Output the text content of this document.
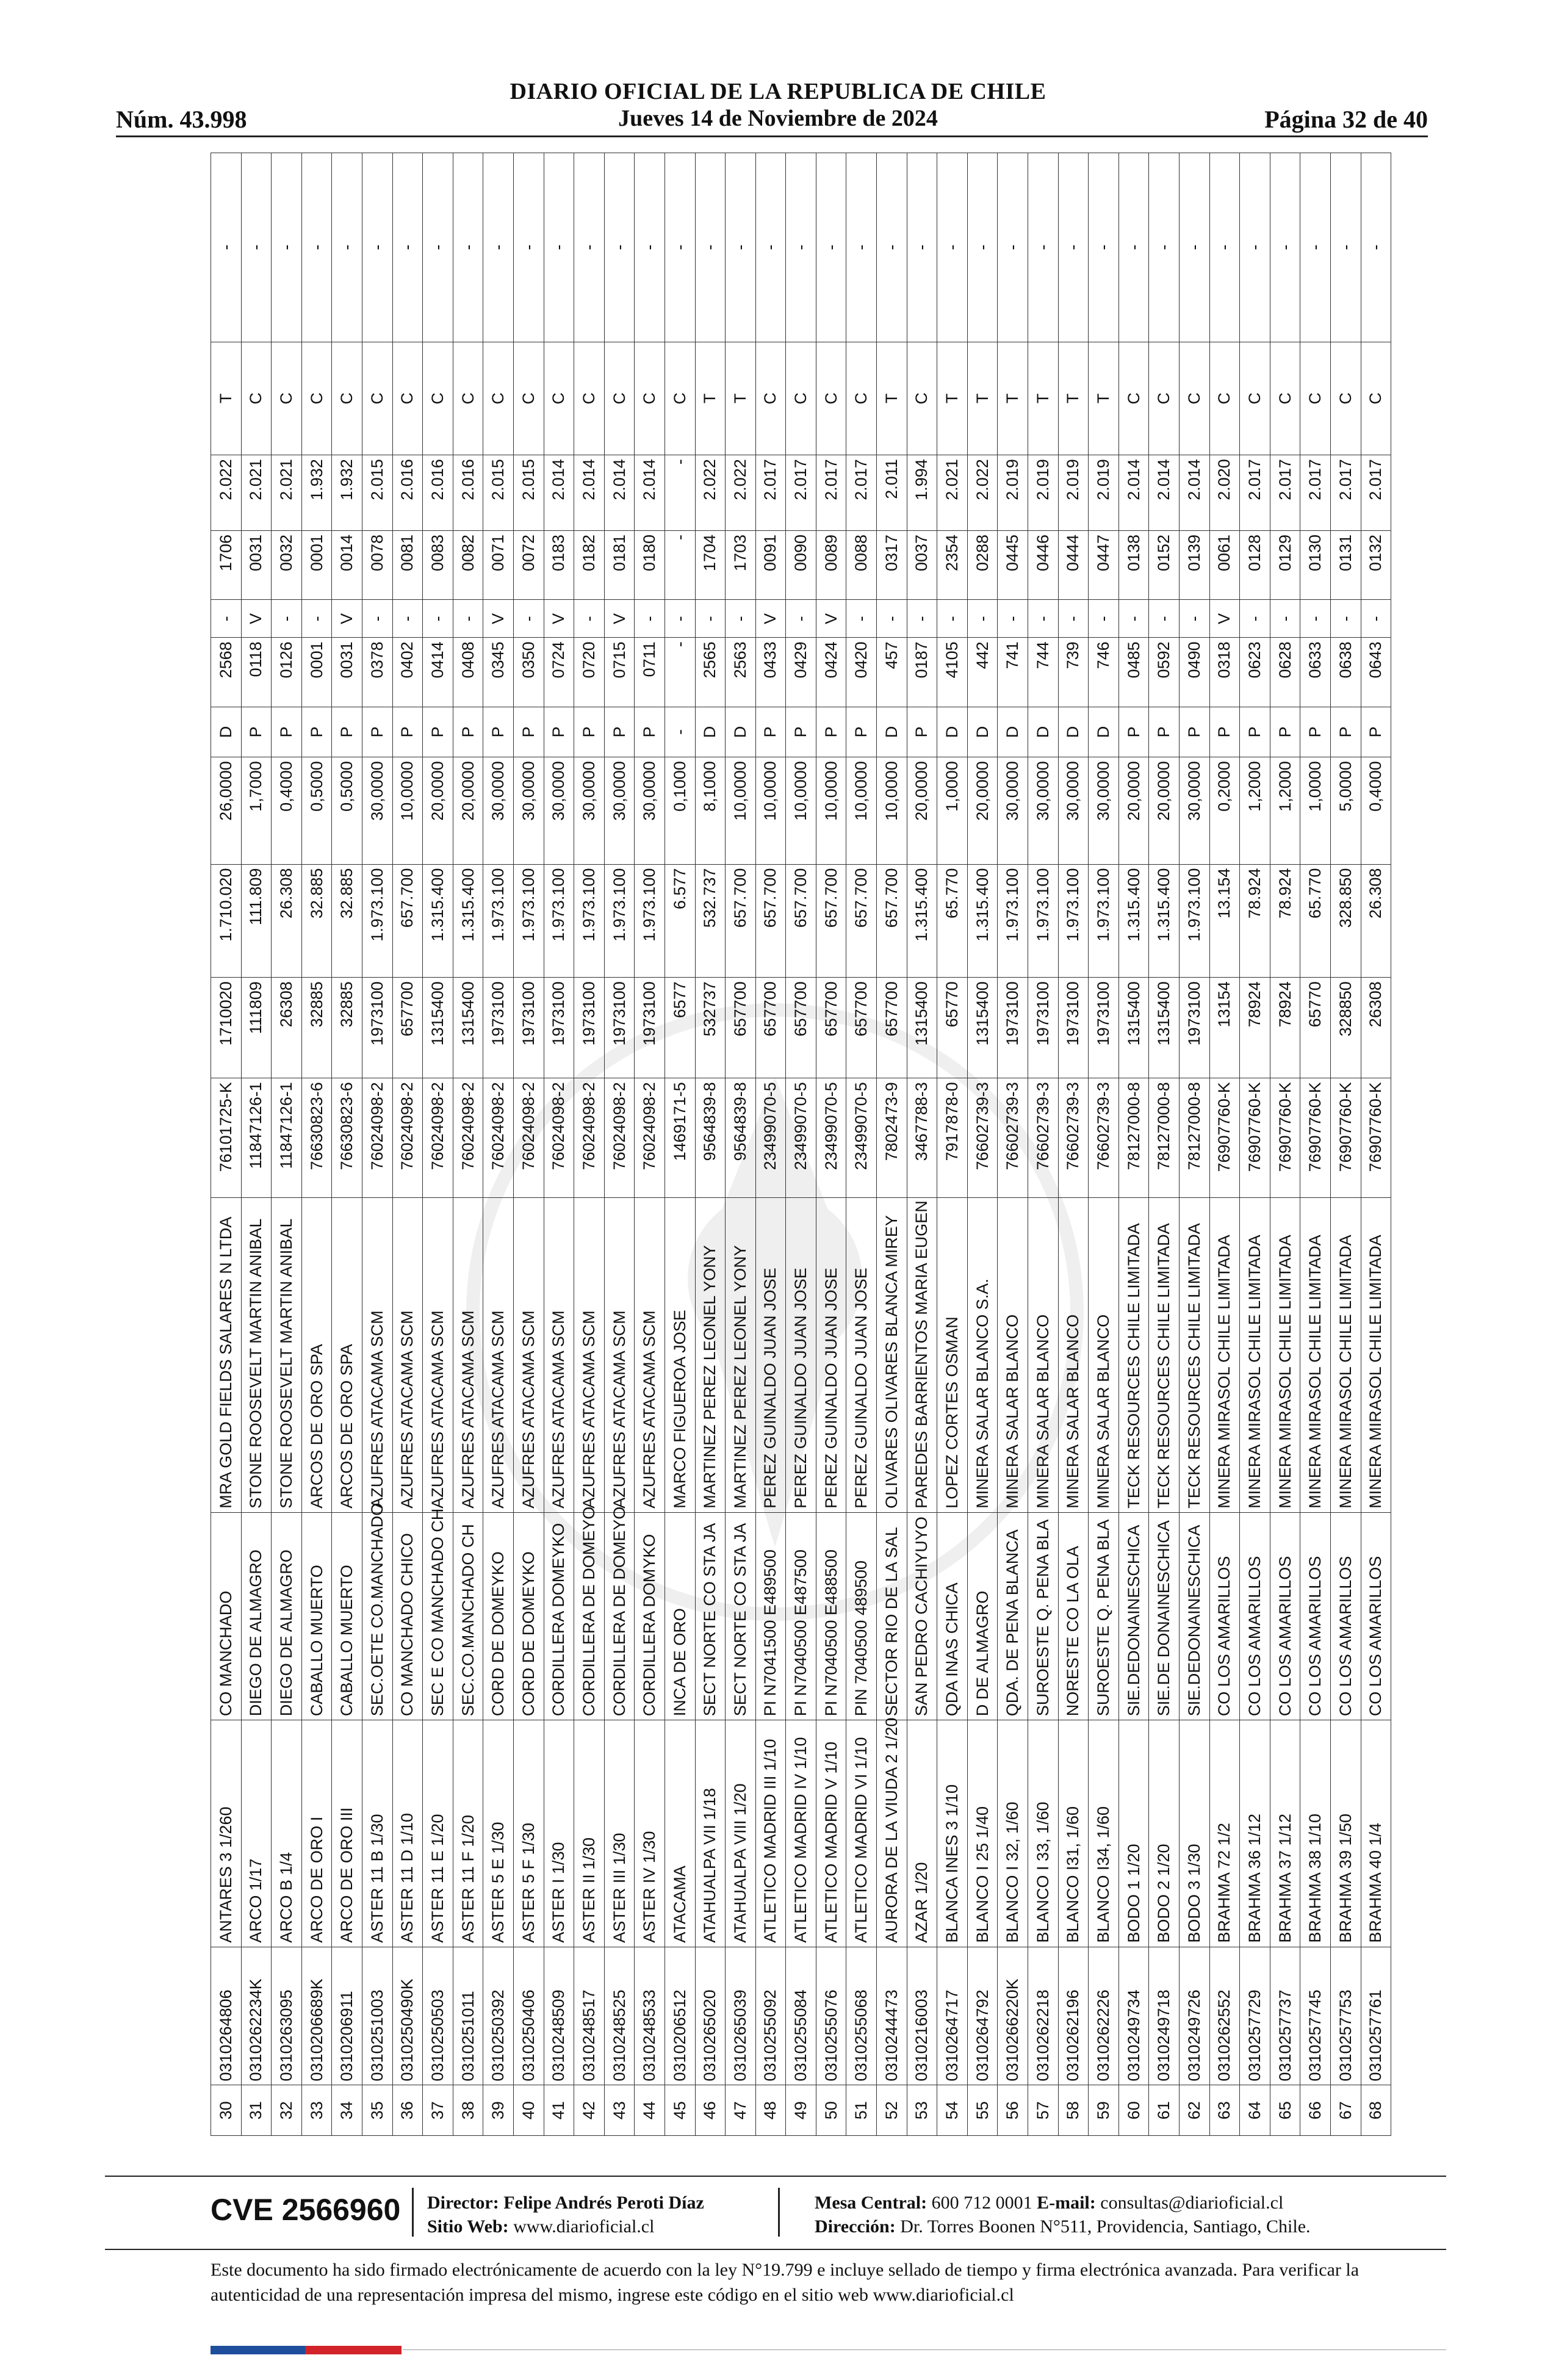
DIARIO OFICIAL DE LA REPUBLICA DE CHILE
Núm. 43.998	Jueves 14 de Noviembre de 2024	Página 32 de 40
30	0310264806	ANTARES 3 1/260	CO MANCHADO	MRA GOLD FIELDS SALARES N LTDA	76101725-K	1710020	1.710.020	26,0000	D	2568	-	1706	2.022	T	-
31	0310262234K	ARCO 1/17	DIEGO DE ALMAGRO	STONE ROOSEVELT MARTIN ANIBAL	11847126-1	111809	111.809	1,7000	P	0118	V	0031	2.021	C	-
32	0310263095	ARCO B 1/4	DIEGO DE ALMAGRO	STONE ROOSEVELT MARTIN ANIBAL	11847126-1	26308	26.308	0,4000	P	0126	-	0032	2.021	C	-
33	0310206689K	ARCO DE ORO I	CABALLO MUERTO	ARCOS DE ORO SPA	76630823-6	32885	32.885	0,5000	P	0001	-	0001	1.932	C	-
34	0310206911	ARCO DE ORO III	CABALLO MUERTO	ARCOS DE ORO SPA	76630823-6	32885	32.885	0,5000	P	0031	V	0014	1.932	C	-
35	0310251003	ASTER 11 B 1/30	SEC.OETE CO.MANCHADO	AZUFRES ATACAMA SCM	76024098-2	1973100	1.973.100	30,0000	P	0378	-	0078	2.015	C	-
36	0310250490K	ASTER 11 D 1/10	CO MANCHADO CHICO	AZUFRES ATACAMA SCM	76024098-2	657700	657.700	10,0000	P	0402	-	0081	2.016	C	-
37	0310250503	ASTER 11 E 1/20	SEC E CO MANCHADO CH	AZUFRES ATACAMA SCM	76024098-2	1315400	1.315.400	20,0000	P	0414	-	0083	2.016	C	-
38	0310251011	ASTER 11 F 1/20	SEC.CO.MANCHADO CH	AZUFRES ATACAMA SCM	76024098-2	1315400	1.315.400	20,0000	P	0408	-	0082	2.016	C	-
39	0310250392	ASTER 5 E 1/30	CORD DE DOMEYKO	AZUFRES ATACAMA SCM	76024098-2	1973100	1.973.100	30,0000	P	0345	V	0071	2.015	C	-
40	0310250406	ASTER 5 F 1/30	CORD DE DOMEYKO	AZUFRES ATACAMA SCM	76024098-2	1973100	1.973.100	30,0000	P	0350	-	0072	2.015	C	-
41	0310248509	ASTER I 1/30	CORDILLERA DOMEYKO	AZUFRES ATACAMA SCM	76024098-2	1973100	1.973.100	30,0000	P	0724	V	0183	2.014	C	-
42	0310248517	ASTER II 1/30	CORDILLERA DE DOMEYO	AZUFRES ATACAMA SCM	76024098-2	1973100	1.973.100	30,0000	P	0720	-	0182	2.014	C	-
43	0310248525	ASTER III 1/30	CORDILLERA DE DOMEYO	AZUFRES ATACAMA SCM	76024098-2	1973100	1.973.100	30,0000	P	0715	V	0181	2.014	C	-
44	0310248533	ASTER IV 1/30	CORDILLERA DOMYKO	AZUFRES ATACAMA SCM	76024098-2	1973100	1.973.100	30,0000	P	0711	-	0180	2.014	C	-
45	0310206512	ATACAMA	INCA DE ORO	MARCO FIGUEROA JOSE	1469171-5	6577	6.577	0,1000	-	-	-	-	-	C	-
46	0310265020	ATAHUALPA VII 1/18	SECT NORTE CO STA JA	MARTINEZ PEREZ LEONEL YONY	9564839-8	532737	532.737	8,1000	D	2565	-	1704	2.022	T	-
47	0310265039	ATAHUALPA VIII 1/20	SECT NORTE CO STA JA	MARTINEZ PEREZ LEONEL YONY	9564839-8	657700	657.700	10,0000	D	2563	-	1703	2.022	T	-
48	0310255092	ATLETICO MADRID III 1/10	PI N7041500 E489500	PEREZ GUINALDO JUAN JOSE	23499070-5	657700	657.700	10,0000	P	0433	V	0091	2.017	C	-
49	0310255084	ATLETICO MADRID IV 1/10	PI N7040500 E487500	PEREZ GUINALDO JUAN JOSE	23499070-5	657700	657.700	10,0000	P	0429	-	0090	2.017	C	-
50	0310255076	ATLETICO MADRID V 1/10	PI N7040500 E488500	PEREZ GUINALDO JUAN JOSE	23499070-5	657700	657.700	10,0000	P	0424	V	0089	2.017	C	-
51	0310255068	ATLETICO MADRID VI 1/10	PIN 7040500 489500	PEREZ GUINALDO JUAN JOSE	23499070-5	657700	657.700	10,0000	P	0420	-	0088	2.017	C	-
52	0310244473	AURORA DE LA VIUDA 2 1/20	SECTOR RIO DE LA SAL	OLIVARES OLIVARES BLANCA MIREY	7802473-9	657700	657.700	10,0000	D	457	-	0317	2.011	T	-
53	0310216003	AZAR 1/20	SAN PEDRO CACHIYUYO	PAREDES BARRIENTOS MARIA EUGEN	3467788-3	1315400	1.315.400	20,0000	P	0187	-	0037	1.994	C	-
54	0310264717	BLANCA INES 3 1/10	QDA INAS CHICA	LOPEZ CORTES OSMAN	7917878-0	65770	65.770	1,0000	D	4105	-	2354	2.021	T	-
55	0310264792	BLANCO I 25 1/40	D DE ALMAGRO	MINERA SALAR BLANCO S.A.	76602739-3	1315400	1.315.400	20,0000	D	442	-	0288	2.022	T	-
56	0310266220K	BLANCO I 32, 1/60	QDA. DE PENA BLANCA	MINERA SALAR BLANCO	76602739-3	1973100	1.973.100	30,0000	D	741	-	0445	2.019	T	-
57	0310262218	BLANCO I 33, 1/60	SUROESTE Q. PENA BLA	MINERA SALAR BLANCO	76602739-3	1973100	1.973.100	30,0000	D	744	-	0446	2.019	T	-
58	0310262196	BLANCO I31, 1/60	NORESTE CO LA OLA	MINERA SALAR BLANCO	76602739-3	1973100	1.973.100	30,0000	D	739	-	0444	2.019	T	-
59	0310262226	BLANCO I34, 1/60	SUROESTE Q. PENA BLA	MINERA SALAR BLANCO	76602739-3	1973100	1.973.100	30,0000	D	746	-	0447	2.019	T	-
60	0310249734	BODO 1 1/20	SIE.DEDONAINESCHICA	TECK RESOURCES CHILE LIMITADA	78127000-8	1315400	1.315.400	20,0000	P	0485	-	0138	2.014	C	-
61	0310249718	BODO 2 1/20	SIE.DE DONAINESCHICA	TECK RESOURCES CHILE LIMITADA	78127000-8	1315400	1.315.400	20,0000	P	0592	-	0152	2.014	C	-
62	0310249726	BODO 3 1/30	SIE.DEDONAINESCHICA	TECK RESOURCES CHILE LIMITADA	78127000-8	1973100	1.973.100	30,0000	P	0490	-	0139	2.014	C	-
63	0310262552	BRAHMA 72 1/2	CO LOS AMARILLOS	MINERA MIRASOL CHILE LIMITADA	76907760-K	13154	13.154	0,2000	P	0318	V	0061	2.020	C	-
64	0310257729	BRAHMA 36 1/12	CO LOS AMARILLOS	MINERA MIRASOL CHILE LIMITADA	76907760-K	78924	78.924	1,2000	P	0623	-	0128	2.017	C	-
65	0310257737	BRAHMA 37 1/12	CO LOS AMARILLOS	MINERA MIRASOL CHILE LIMITADA	76907760-K	78924	78.924	1,2000	P	0628	-	0129	2.017	C	-
66	0310257745	BRAHMA 38 1/10	CO LOS AMARILLOS	MINERA MIRASOL CHILE LIMITADA	76907760-K	65770	65.770	1,0000	P	0633	-	0130	2.017	C	-
67	0310257753	BRAHMA 39 1/50	CO LOS AMARILLOS	MINERA MIRASOL CHILE LIMITADA	76907760-K	328850	328.850	5,0000	P	0638	-	0131	2.017	C	-
68	0310257761	BRAHMA 40 1/4	CO LOS AMARILLOS	MINERA MIRASOL CHILE LIMITADA	76907760-K	26308	26.308	0,4000	P	0643	-	0132	2.017	C	-
CVE 2566960 Director: Felipe Andrés Peroti Díaz
Sitio Web: www.diarioficial.cl
Mesa Central: 600 712 0001 E-mail: consultas@diarioficial.cl
Dirección: Dr. Torres Boonen N°511, Providencia, Santiago, Chile.
Este documento ha sido firmado electrónicamente de acuerdo con la ley N°19.799 e incluye sellado de tiempo y firma electrónica avanzada. Para verificar la autenticidad de una representación impresa del mismo, ingrese este código en el sitio web www.diarioficial.cl
